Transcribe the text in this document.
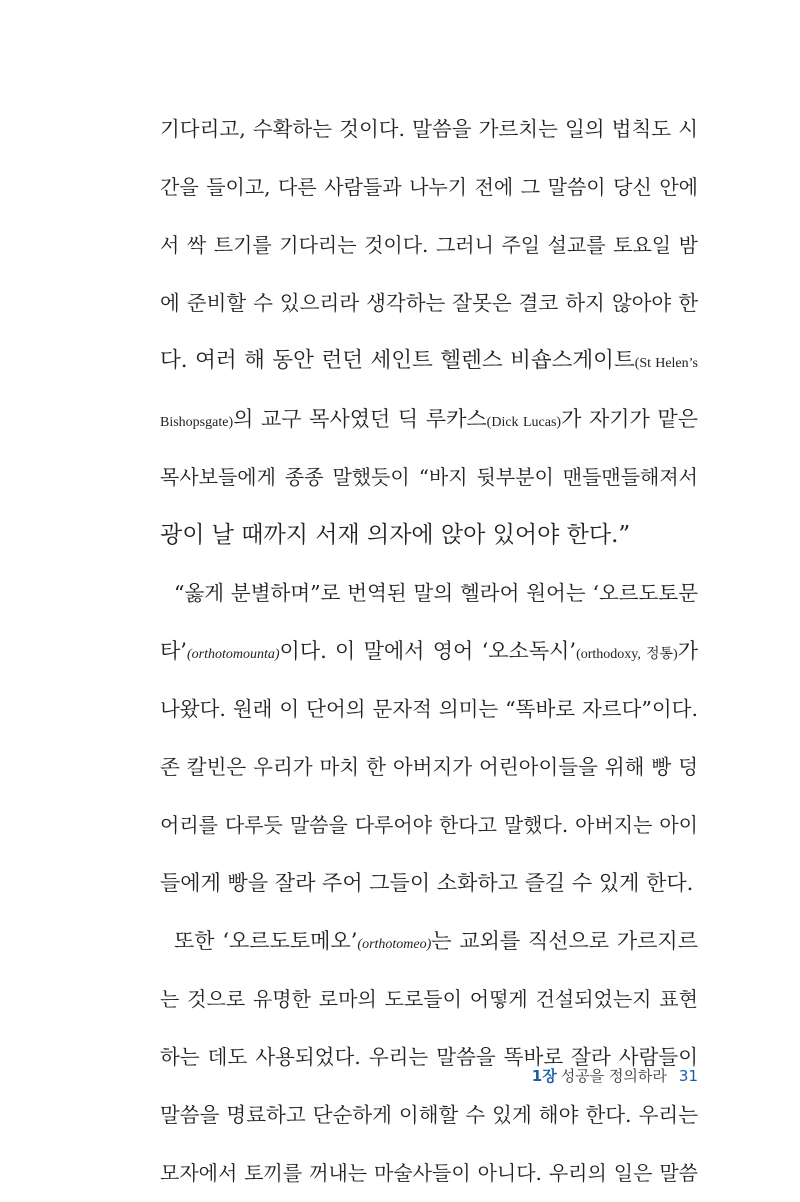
기다리고, 수확하는 것이다. 말씀을 가르치는 일의 법칙도 시
간을 들이고, 다른 사람들과 나누기 전에 그 말씀이 당신 안에
서 싹 트기를 기다리는 것이다. 그러니 주일 설교를 토요일 밤
에 준비할 수 있으리라 생각하는 잘못은 결코 하지 않아야 한
다. 여러 해 동안 런던 세인트 헬렌스 비숍스게이트(St Helen’s
Bishopsgate)의 교구 목사였던 딕 루카스(Dick Lucas)가 자기가 맡은
목사보들에게 종종 말했듯이 “바지 뒷부분이 맨들맨들해져서
광이 날 때까지 서재 의자에 앉아 있어야 한다.”
“옳게 분별하며”로 번역된 말의 헬라어 원어는 ‘오르도토문
타’(orthotomounta)이다. 이 말에서 영어 ‘오소독시’(orthodoxy, 정통)가
나왔다. 원래 이 단어의 문자적 의미는 “똑바로 자르다”이다.
존 칼빈은 우리가 마치 한 아버지가 어린아이들을 위해 빵 덩
어리를 다루듯 말씀을 다루어야 한다고 말했다. 아버지는 아이
들에게 빵을 잘라 주어 그들이 소화하고 즐길 수 있게 한다.
또한 ‘오르도토메오’(orthotomeo)는 교외를 직선으로 가르지르
는 것으로 유명한 로마의 도로들이 어떻게 건설되었는지 표현
하는 데도 사용되었다. 우리는 말씀을 똑바로 잘라 사람들이
말씀을 명료하고 단순하게 이해할 수 있게 해야 한다. 우리는
모자에서 토끼를 꺼내는 마술사들이 아니다. 우리의 일은 말씀
1장 성공을 정의하라 31
